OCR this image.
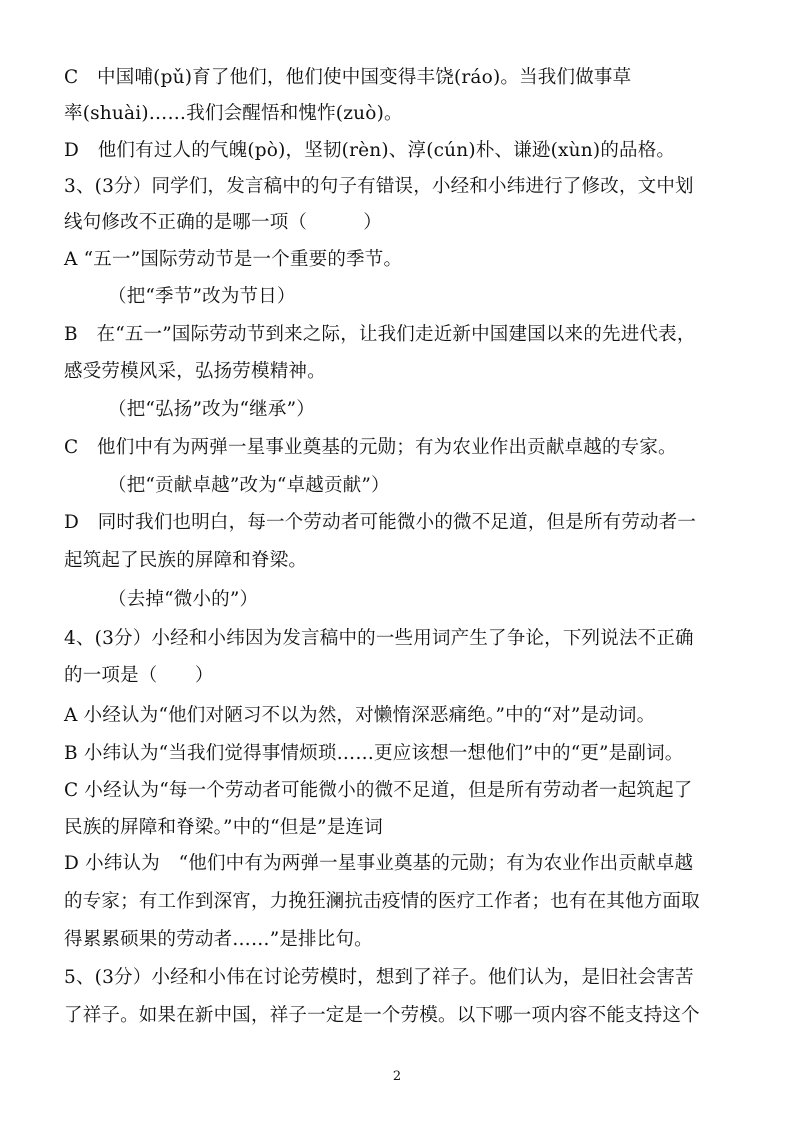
C　中国哺(pǔ)育了他们，他们使中国变得丰饶(ráo)。当我们做事草
率(shuài)……我们会醒悟和愧怍(zuò)。
D　他们有过人的气魄(pò)，坚韧(rèn)、淳(cún)朴、谦逊(xùn)的品格。
3、(3分）同学们，发言稿中的句子有错误，小经和小纬进行了修改，文中划
线句修改不正确的是哪一项（　　　）
A “五一”国际劳动节是一个重要的季节。
（把“季节”改为节日）
B　在“五一”国际劳动节到来之际，让我们走近新中国建国以来的先进代表，
感受劳模风采，弘扬劳模精神。
（把“弘扬”改为“继承”）
C　他们中有为两弹一星事业奠基的元勋；有为农业作出贡献卓越的专家。
（把“贡献卓越”改为“卓越贡献”）
D　同时我们也明白，每一个劳动者可能微小的微不足道，但是所有劳动者一
起筑起了民族的屏障和脊梁。
（去掉“微小的”）
4、(3分）小经和小纬因为发言稿中的一些用词产生了争论，下列说法不正确
的一项是（　　）
A 小经认为“他们对陋习不以为然，对懒惰深恶痛绝。”中的“对”是动词。
B 小纬认为“当我们觉得事情烦琐……更应该想一想他们”中的“更”是副词。
C 小经认为“每一个劳动者可能微小的微不足道，但是所有劳动者一起筑起了
民族的屏障和脊梁。”中的“但是”是连词
D 小纬认为　“他们中有为两弹一星事业奠基的元勋；有为农业作出贡献卓越
的专家；有工作到深宵，力挽狂澜抗击疫情的医疗工作者；也有在其他方面取
得累累硕果的劳动者……”是排比句。
5、(3分）小经和小伟在讨论劳模时，想到了祥子。他们认为，是旧社会害苦
了祥子。如果在新中国，祥子一定是一个劳模。以下哪一项内容不能支持这个
2
